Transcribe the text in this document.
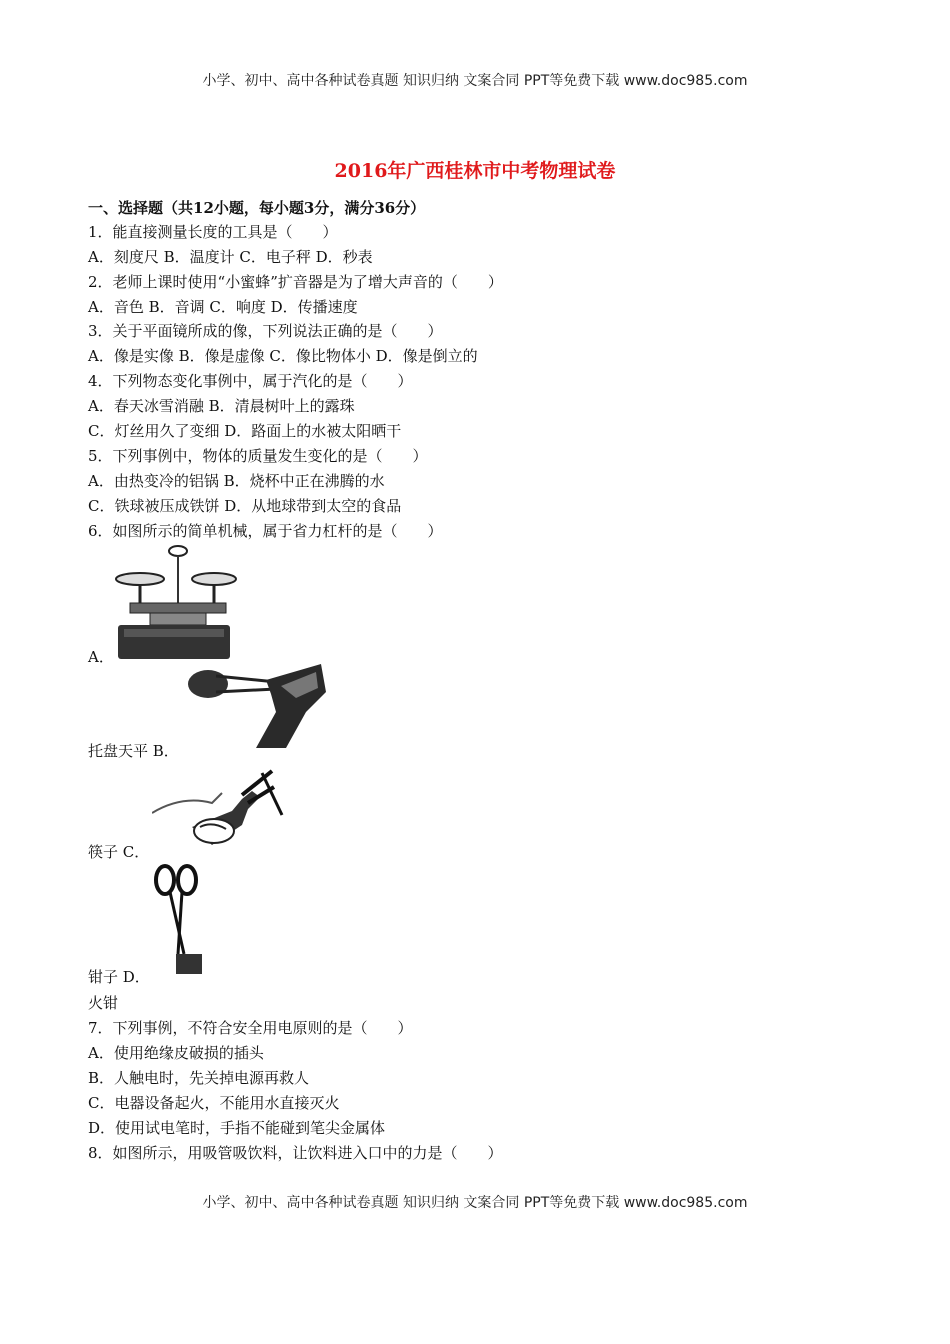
小学、初中、高中各种试卷真题 知识归纳 文案合同 PPT等免费下载 www.doc985.com
2016年广西桂林市中考物理试卷
一、选择题（共12小题，每小题3分，满分36分）
1．能直接测量长度的工具是（　　）
A．刻度尺 B．温度计 C．电子秤 D．秒表
2．老师上课时使用“小蜜蜂”扩音器是为了增大声音的（　　）
A．音色 B．音调 C．响度 D．传播速度
3．关于平面镜所成的像，下列说法正确的是（　　）
A．像是实像 B．像是虚像 C．像比物体小 D．像是倒立的
4．下列物态变化事例中，属于汽化的是（　　）
A．春天冰雪消融 B．清晨树叶上的露珠
C．灯丝用久了变细 D．路面上的水被太阳晒干
5．下列事例中，物体的质量发生变化的是（　　）
A．由热变冷的铝锅 B．烧杯中正在沸腾的水
C．铁球被压成铁饼 D．从地球带到太空的食品
6．如图所示的简单机械，属于省力杠杆的是（　　）
A．
托盘天平 B．
筷子 C．
钳子 D．
火钳
7．下列事例，不符合安全用电原则的是（　　）
A．使用绝缘皮破损的插头
B．人触电时，先关掉电源再救人
C．电器设备起火，不能用水直接灭火
D．使用试电笔时，手指不能碰到笔尖金属体
8．如图所示，用吸管吸饮料，让饮料进入口中的力是（　　）
小学、初中、高中各种试卷真题 知识归纳 文案合同 PPT等免费下载 www.doc985.com
